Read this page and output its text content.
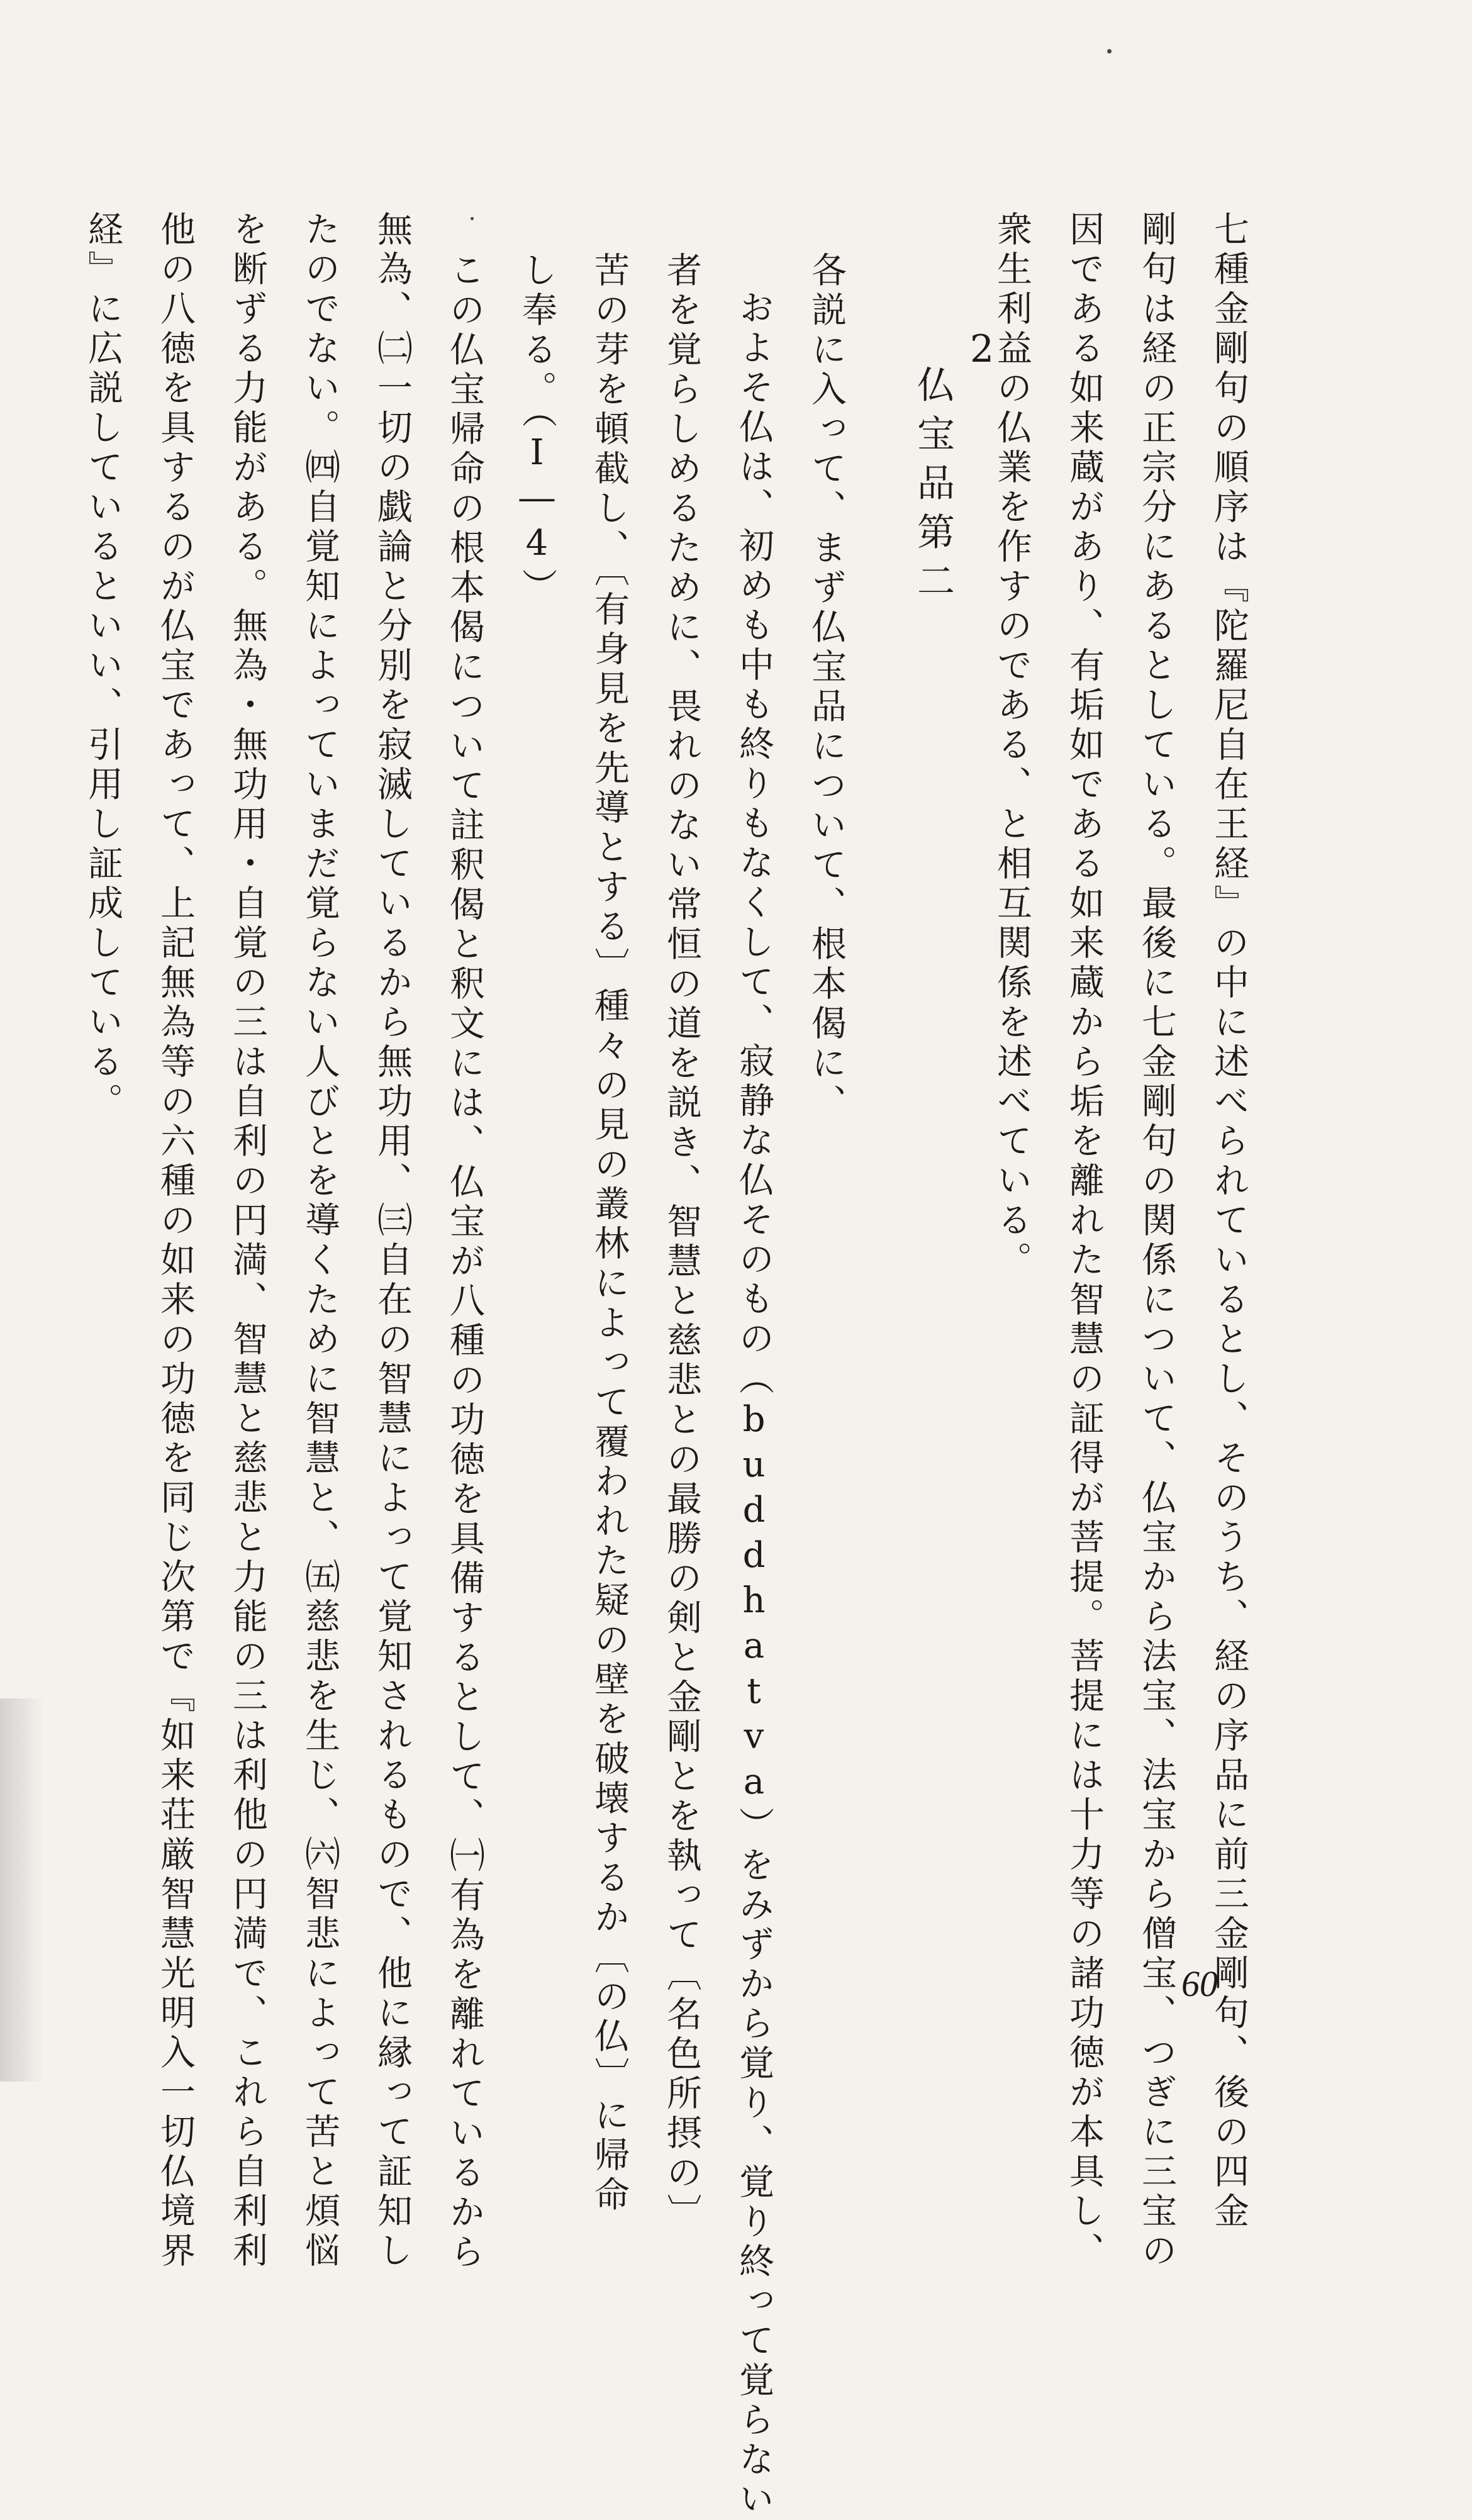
七種金剛句の順序は『陀羅尼自在王経』の中に述べられているとし、そのうち、経の序品に前三金剛句、後の四金

剛句は経の正宗分にあるとしている。最後に七金剛句の関係について、仏宝から法宝、法宝から僧宝、つぎに三宝の

因である如来蔵があり、有垢如である如来蔵から垢を離れた智慧の証得が菩提。菩提には十力等の諸功徳が本具し、

衆生利益の仏業を作すのである、と相互関係を述べている。

2
仏宝品第二

各説に入って、まず仏宝品について、根本偈に、

およそ仏は、初めも中も終りもなくして、寂静な仏そのもの（buddhatva）をみずから覚り、覚り終って覚らない

者を覚らしめるために、畏れのない常恒の道を説き、智慧と慈悲との最勝の剣と金剛とを執って〔名色所摂の〕

苦の芽を頓截し、〔有身見を先導とする〕種々の見の叢林によって覆われた疑の壁を破壊するか〔の仏〕に帰命

し奉る。（Ⅰ―4）

この仏宝帰命の根本偈について註釈偈と釈文には、仏宝が八種の功徳を具備するとして、㈠有為を離れているから

無為、㈡一切の戯論と分別を寂滅しているから無功用、㈢自在の智慧によって覚知されるもので、他に縁って証知し

たのでない。㈣自覚知によっていまだ覚らない人びとを導くために智慧と、㈤慈悲を生じ、㈥智悲によって苦と煩悩

を断ずる力能がある。無為・無功用・自覚の三は自利の円満、智慧と慈悲と力能の三は利他の円満で、これら自利利

他の八徳を具するのが仏宝であって、上記無為等の六種の如来の功徳を同じ次第で『如来荘厳智慧光明入一切仏境界

経』に広説しているといい、引用し証成している。

60
